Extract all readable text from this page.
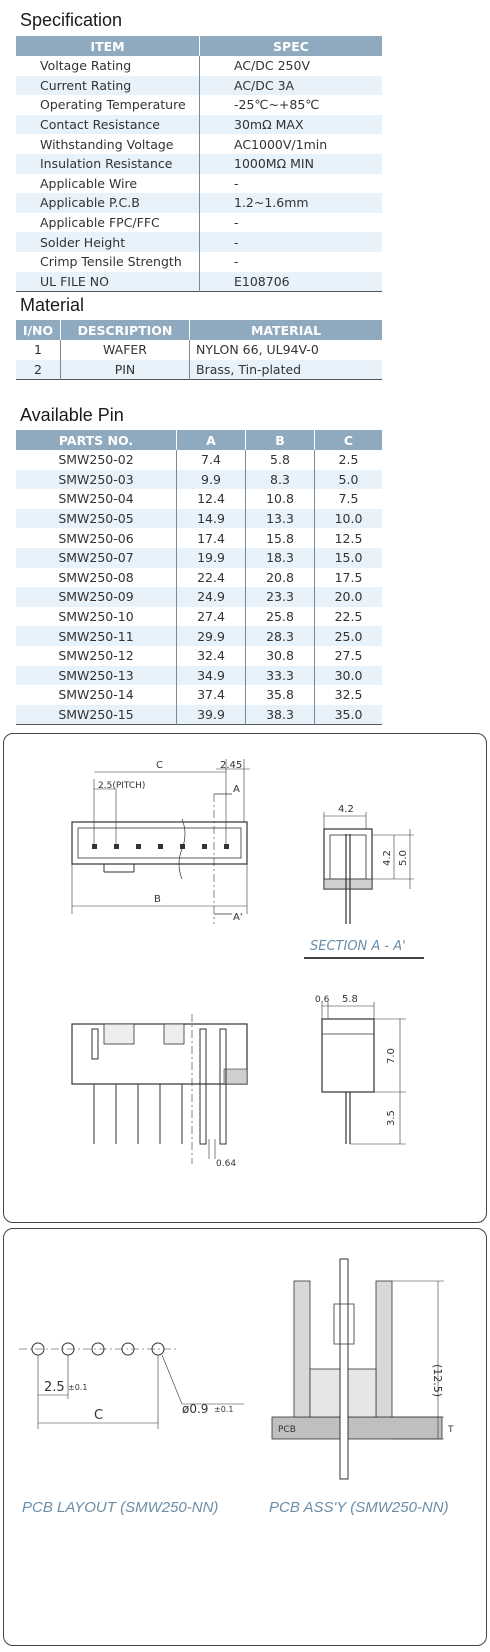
Specification
ITEM	SPEC
Voltage Rating	AC/DC 250V
Current Rating	AC/DC 3A
Operating Temperature	-25℃~+85℃
Contact Resistance	30mΩ MAX
Withstanding Voltage	AC1000V/1min
Insulation Resistance	1000MΩ MIN
Applicable Wire	-
Applicable P.C.B	1.2~1.6mm
Applicable FPC/FFC	-
Solder Height	-
Crimp Tensile Strength	-
UL FILE NO	E108706
Material
I/NO	DESCRIPTION	MATERIAL
1	WAFER	NYLON 66, UL94V-0
2	PIN	Brass, Tin-plated
Available Pin
PARTS NO.	A	B	C
SMW250-02	7.4	5.8	2.5
SMW250-03	9.9	8.3	5.0
SMW250-04	12.4	10.8	7.5
SMW250-05	14.9	13.3	10.0
SMW250-06	17.4	15.8	12.5
SMW250-07	19.9	18.3	15.0
SMW250-08	22.4	20.8	17.5
SMW250-09	24.9	23.3	20.0
SMW250-10	27.4	25.8	22.5
SMW250-11	29.9	28.3	25.0
SMW250-12	32.4	30.8	27.5
SMW250-13	34.9	33.3	30.0
SMW250-14	37.4	35.8	32.5
SMW250-15	39.9	38.3	35.0
C	2.45
2.5(PITCH)	A
A'
B
4.2
4.2 5.0
SECTION A - A'
0.64
0.6 5.8
7.0
3.5
2.5 ±0.1
C	ø0.9 ±0.1
PCB
(12.5)
T
PCB LAYOUT (SMW250-NN)	PCB ASS'Y (SMW250-NN)
